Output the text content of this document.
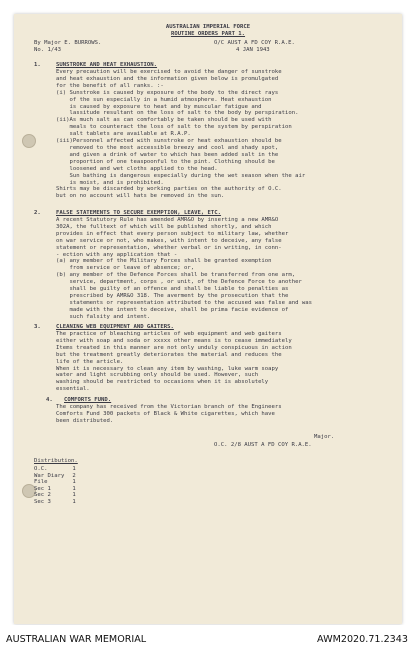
AUSTRALIAN IMPERIAL FORCE
ROUTINE ORDERS PART 1.
By Major E. BURROWS.	O/C AUST A FD COY R.A.E.
No. 1/43	4 JAN 1943
1.	SUNSTROKE AND HEAT EXHAUSTION.
Every precaution will be exercised to avoid the danger of sunstroke
and heat exhaustion and the information given below is promulgated
for the benefit of all ranks. :-
(i) Sunstroke is caused by exposure of the body to the direct rays
of the sun especially in a humid atmosphere. Heat exhaustion
is caused by exposure to heat and by muscular fatigue and
lassitude resultant on the loss of salt to the body by perspiration.
(ii)As much salt as can comfortably be taken should be used with
meals to counteract the loss of salt to the system by perspiration
salt tablets are available at R.A.P.
(iii)Personnel affected with sunstroke or heat exhaustion should be
removed to the most accessible breezy and cool and shady spot,
and given a drink of water to which has been added salt in the
proportion of one teaspoonful to the pint. Clothing should be
loosened and wet cloths applied to the head.
Sun bathing is dangerous especially during the wet season when the air
is moist, and is prohibited.
Shirts may be discarded by working parties on the authority of O.C.
but on no account will hats be removed in the sun.
2.	FALSE STATEMENTS TO SECURE EXEMPTION, LEAVE, ETC.
A recent Statutory Rule has amended AMR&O by inserting a new AMR&O
302A, the fulltext of which will be published shortly, and which
provides in effect that every person subject to military law, whether
on war service or not, who makes, with intent to deceive, any false
statement or representation, whether verbal or in writing, in conn-
- ection with any application that -
(a) any member of the Military Forces shall be granted exemption
from service or leave of absence; or,
(b) any member of the Defence Forces shall be transferred from one arm,
service, department, corps , or unit, of the Defence Force to another
shall be guilty of an offence and shall be liable to penalties as
prescribed by AMR&O 318. The averment by the prosecution that the
statements or representation attributed to the accused was false and was
made with the intent to deceive, shall be prima facie evidence of
such falsity and intent.
3.	CLEANING WEB EQUIPMENT AND GAITERS.
The practice of bleaching articles of web equipment and web gaiters
either with soap and soda or xxxxx other means is to cease immediately
Items treated in this manner are not only unduly conspicuous in action
but the treatment greatly deteriorates the material and reduces the
life of the article.
When it is necessary to clean any item by washing, luke warm soapy
water and light scrubbing only should be used. However, such
washing should be restricted to occasions when it is absolutely
essential.
4. COMFORTS FUND.
The company has received from the Victorian branch of the Engineers
Comforts Fund 300 packets of Black & White cigarettes, which have
been distributed.
Major.
O.C. 2/8 AUST A FD COY R.A.E.
Distribution.
O.C.	1
War Diary	2
File	1
Sec 1	1
Sec 2	1
Sec 3	1
AUSTRALIAN WAR MEMORIAL	AWM2020.71.2343
